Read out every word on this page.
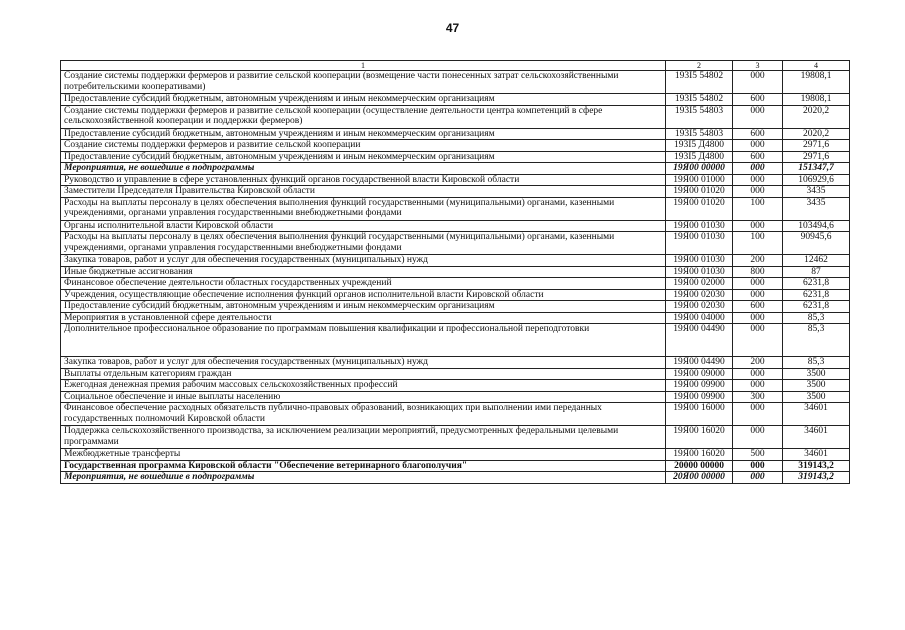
47
1	2	3	4
Создание системы поддержки фермеров и развитие сельской кооперации (возмещение части понесенных затрат сельскохозяйственными потребительскими кооперативами)	193I5 54802	000	19808,1
Предоставление субсидий бюджетным, автономным учреждениям и иным некоммерческим организациям	193I5 54802	600	19808,1
Создание системы поддержки фермеров и развитие сельской кооперации (осуществление деятельности центра компетенций в сфере сельскохозяйственной кооперации и поддержки фермеров)	193I5 54803	000	2020,2
Предоставление субсидий бюджетным, автономным учреждениям и иным некоммерческим организациям	193I5 54803	600	2020,2
Создание системы поддержки фермеров и развитие сельской кооперации	193I5 Д4800	000	2971,6
Предоставление субсидий бюджетным, автономным учреждениям и иным некоммерческим организациям	193I5 Д4800	600	2971,6
Мероприятия, не вошедшие в подпрограммы	19Я00 00000	000	151347,7
Руководство и управление в сфере установленных функций органов государственной власти Кировской области	19Я00 01000	000	106929,6
Заместители Председателя Правительства Кировской области	19Я00 01020	000	3435
Расходы на выплаты персоналу в целях обеспечения выполнения функций государственными (муниципальными) органами, казенными учреждениями, органами управления государственными внебюджетными фондами	19Я00 01020	100	3435
Органы исполнительной власти Кировской области	19Я00 01030	000	103494,6
Расходы на выплаты персоналу в целях обеспечения выполнения функций государственными (муниципальными) органами, казенными учреждениями, органами управления государственными внебюджетными фондами	19Я00 01030	100	90945,6
Закупка товаров, работ и услуг для обеспечения государственных (муниципальных) нужд	19Я00 01030	200	12462
Иные бюджетные ассигнования	19Я00 01030	800	87
Финансовое обеспечение деятельности областных государственных учреждений	19Я00 02000	000	6231,8
Учреждения, осуществляющие обеспечение исполнения функций органов исполнительной власти Кировской области	19Я00 02030	000	6231,8
Предоставление субсидий бюджетным, автономным учреждениям и иным некоммерческим организациям	19Я00 02030	600	6231,8
Мероприятия в установленной сфере деятельности	19Я00 04000	000	85,3
Дополнительное профессиональное образование по программам повышения квалификации и профессиональной переподготовки	19Я00 04490	000	85,3
Закупка товаров, работ и услуг для обеспечения государственных (муниципальных) нужд	19Я00 04490	200	85,3
Выплаты отдельным категориям граждан	19Я00 09000	000	3500
Ежегодная денежная премия рабочим массовых сельскохозяйственных профессий	19Я00 09900	000	3500
Социальное обеспечение и иные выплаты населению	19Я00 09900	300	3500
Финансовое обеспечение расходных обязательств публично-правовых образований, возникающих при выполнении ими переданных государственных полномочий Кировской области	19Я00 16000	000	34601
Поддержка сельскохозяйственного производства, за исключением реализации мероприятий, предусмотренных федеральными целевыми программами	19Я00 16020	000	34601
Межбюджетные трансферты	19Я00 16020	500	34601
Государственная программа Кировской области "Обеспечение ветеринарного благополучия"	20000 00000	000	319143,2
Мероприятия, не вошедшие в подпрограммы	20Я00 00000	000	319143,2
